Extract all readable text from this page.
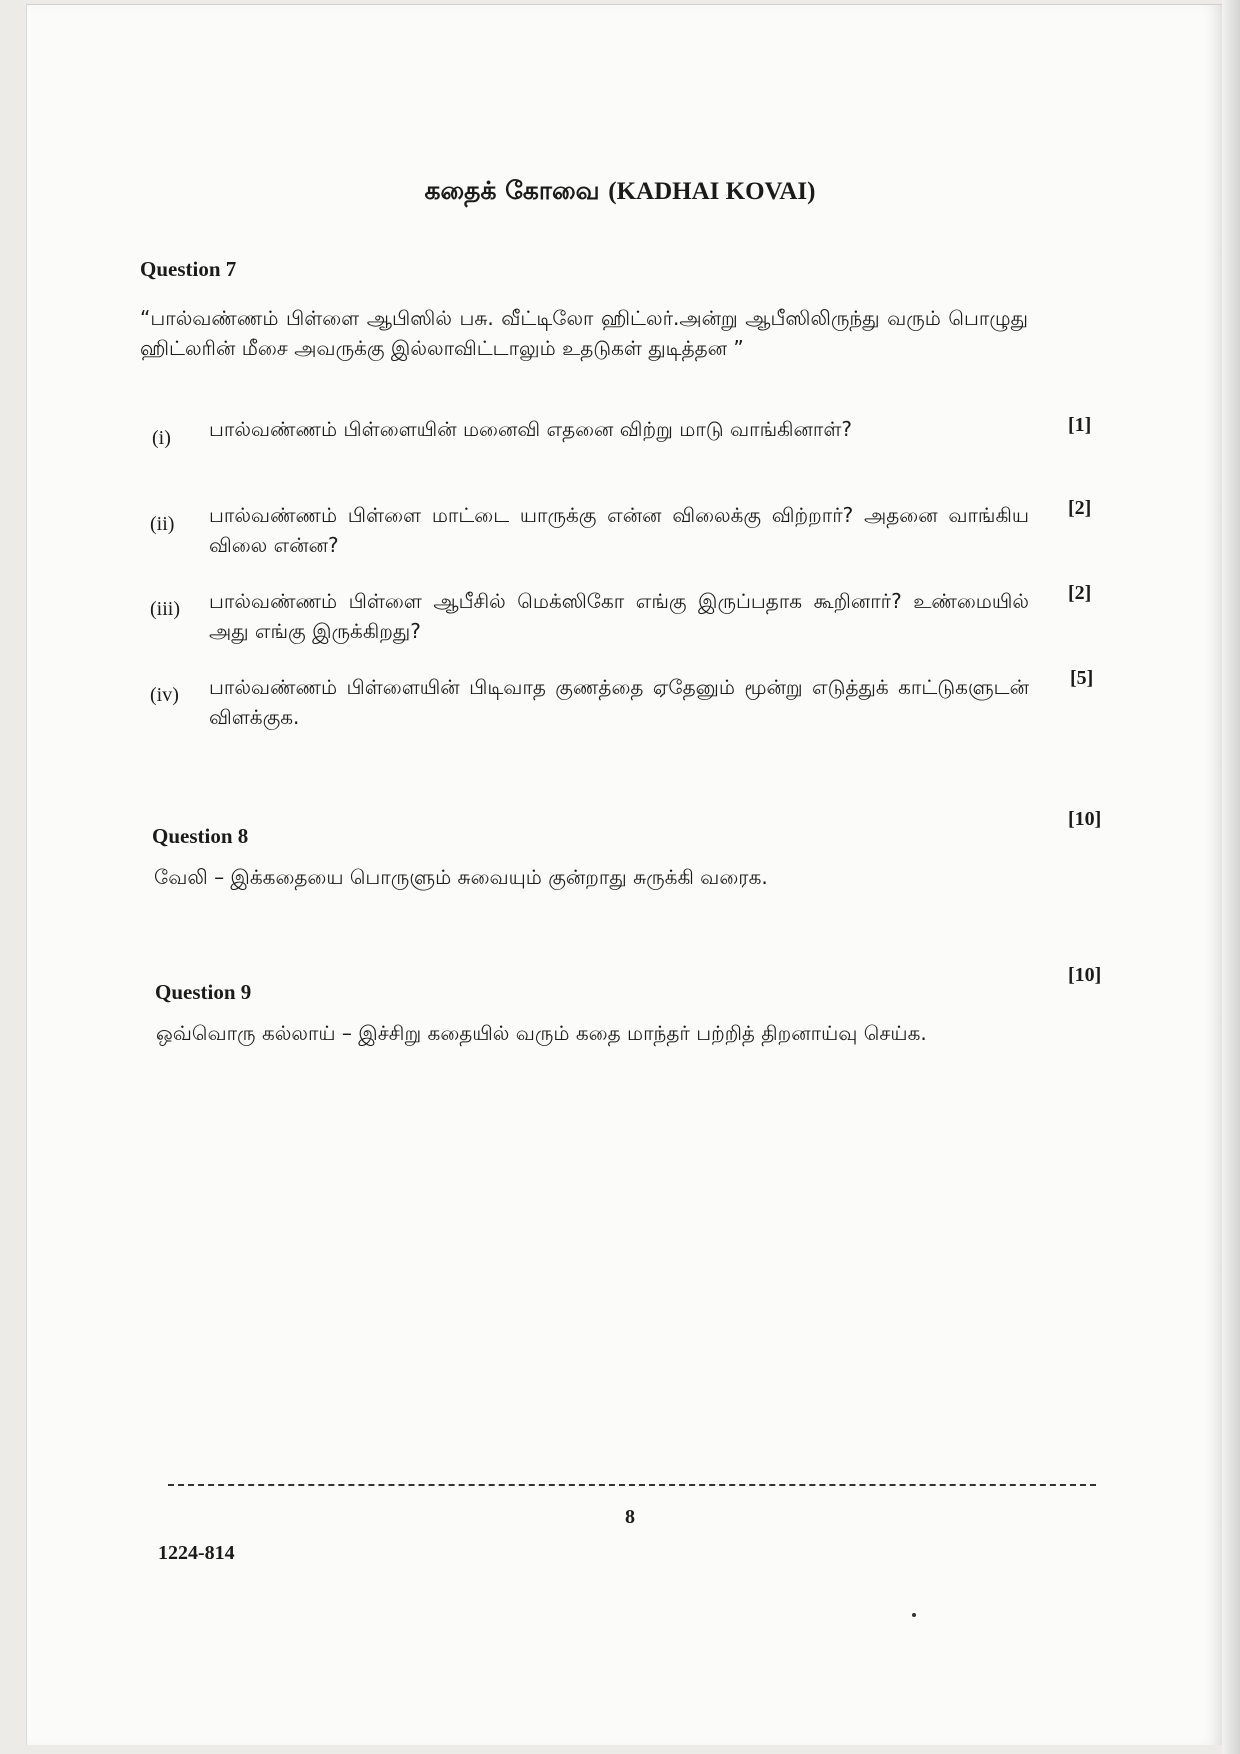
கதைக் கோவை (KADHAI KOVAI)
Question 7
“பால்வண்ணம் பிள்ளை ஆபிஸில் பசு. வீட்டிலோ ஹிட்லர்.அன்று ஆபீஸிலிருந்து வரும் பொழுது ஹிட்லரின் மீசை அவருக்கு இல்லாவிட்டாலும் உதடுகள் துடித்தன ”
(i) பால்வண்ணம் பிள்ளையின் மனைவி எதனை விற்று மாடு வாங்கினாள்?	[1]
(ii) பால்வண்ணம் பிள்ளை மாட்டை யாருக்கு என்ன விலைக்கு விற்றார்? அதனை வாங்கிய விலை என்ன?
[2]
(iii) பால்வண்ணம் பிள்ளை ஆபீசில் மெக்ஸிகோ எங்கு இருப்பதாக கூறினார்? உண்மையில் அது எங்கு இருக்கிறது?
[2]
(iv) பால்வண்ணம் பிள்ளையின் பிடிவாத குணத்தை ஏதேனும் மூன்று எடுத்துக் காட்டுகளுடன் விளக்குக.
[5]
[10]
Question 8
வேலி – இக்கதையை பொருளும் சுவையும் குன்றாது சுருக்கி வரைக.
[10]
Question 9
ஒவ்வொரு கல்லாய் – இச்சிறு கதையில் வரும் கதை மாந்தர் பற்றித் திறனாய்வு செய்க.
8
1224-814
